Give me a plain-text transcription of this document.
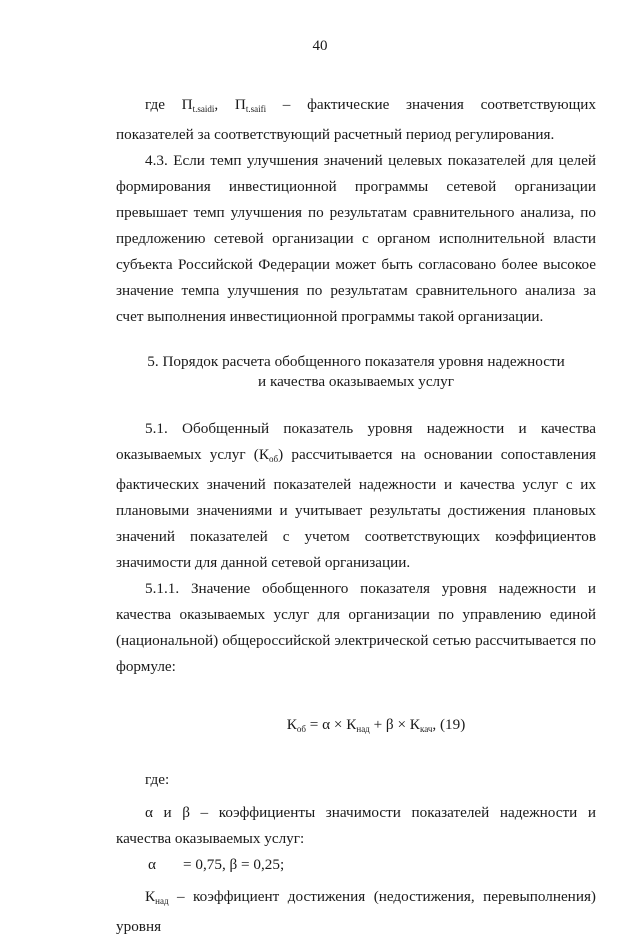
40

где $П_{t.saidi}$, $П_{t.saifi}$ – фактические значения соответствующих показателей за соответствующий расчетный период регулирования.

4.3. Если темп улучшения значений целевых показателей для целей формирования инвестиционной программы сетевой организации превышает темп улучшения по результатам сравнительного анализа, по предложению сетевой организации с органом исполнительной власти субъекта Российской Федерации может быть согласовано более высокое значение темпа улучшения по результатам сравнительного анализа за счет выполнения инвестиционной программы такой организации.

5. Порядок расчета обобщенного показателя уровня надежности
и качества оказываемых услуг

5.1. Обобщенный показатель уровня надежности и качества оказываемых услуг $(К_{об})$ рассчитывается на основании сопоставления фактических значений показателей надежности и качества услуг с их плановыми значениями и учитывает результаты достижения плановых значений показателей с учетом соответствующих коэффициентов значимости для данной сетевой организации.

5.1.1. Значение обобщенного показателя уровня надежности и качества оказываемых услуг для организации по управлению единой (национальной) общероссийской электрической сетью рассчитывается по формуле:

$К_{об} = \alpha \times К_{над} + \beta \times К_{кач}$, (19)

где:

α и β – коэффициенты значимости показателей надежности и качества оказываемых услуг:

α = 0,75, β = 0,25;

$К_{над}$ – коэффициент достижения (недостижения, перевыполнения) уровня
